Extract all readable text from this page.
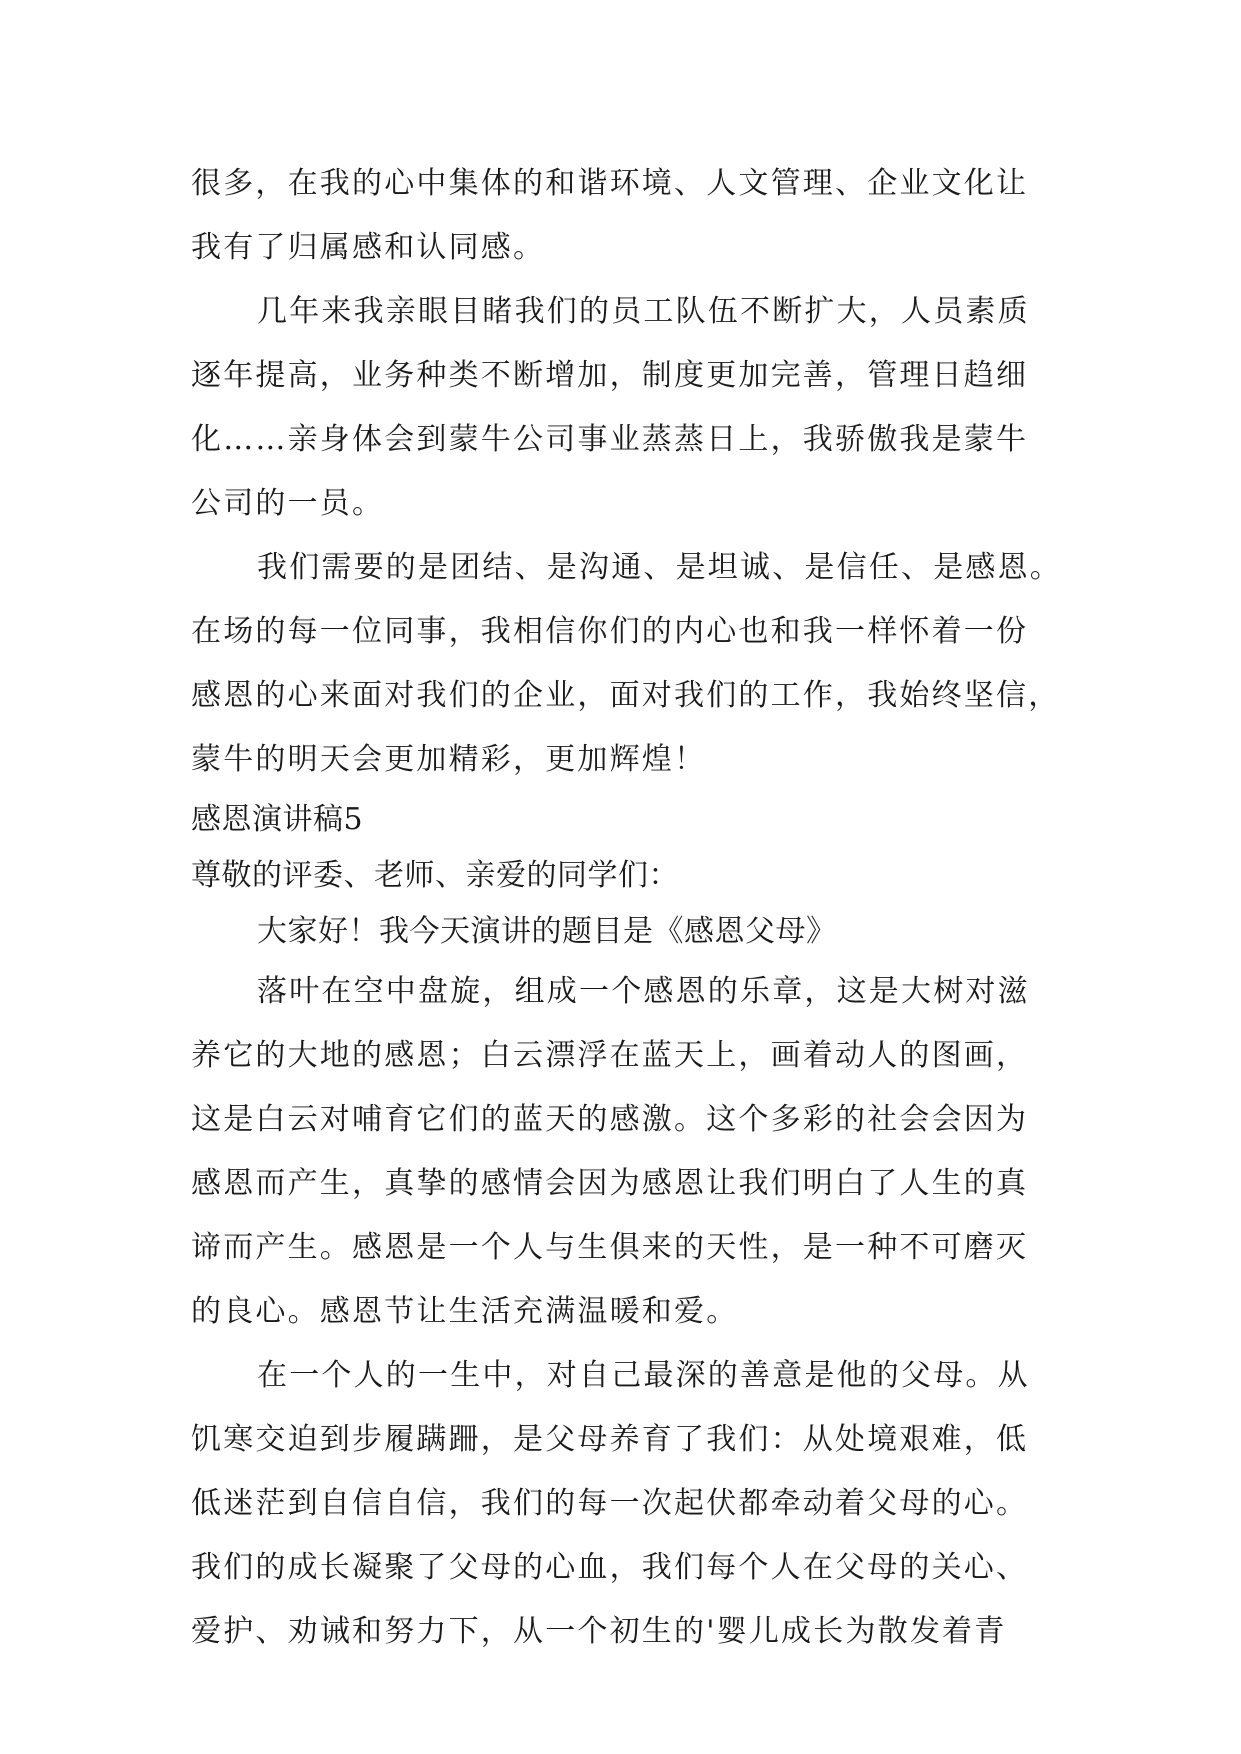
很多，在我的心中集体的和谐环境、人文管理、企业文化让
我有了归属感和认同感。
几年来我亲眼目睹我们的员工队伍不断扩大，人员素质
逐年提高，业务种类不断增加，制度更加完善，管理日趋细
化……亲身体会到蒙牛公司事业蒸蒸日上，我骄傲我是蒙牛
公司的一员。
我们需要的是团结、是沟通、是坦诚、是信任、是感恩。
在场的每一位同事，我相信你们的内心也和我一样怀着一份
感恩的心来面对我们的企业，面对我们的工作，我始终坚信，
蒙牛的明天会更加精彩，更加辉煌！
感恩演讲稿5
尊敬的评委、老师、亲爱的同学们：
大家好！我今天演讲的题目是《感恩父母》
落叶在空中盘旋，组成一个感恩的乐章，这是大树对滋
养它的大地的感恩；白云漂浮在蓝天上，画着动人的图画，
这是白云对哺育它们的蓝天的感激。这个多彩的社会会因为
感恩而产生，真挚的感情会因为感恩让我们明白了人生的真
谛而产生。感恩是一个人与生俱来的天性，是一种不可磨灭
的良心。感恩节让生活充满温暖和爱。
在一个人的一生中，对自己最深的善意是他的父母。从
饥寒交迫到步履蹒跚，是父母养育了我们：从处境艰难，低
低迷茫到自信自信，我们的每一次起伏都牵动着父母的心。
我们的成长凝聚了父母的心血，我们每个人在父母的关心、
爱护、劝诫和努力下，从一个初生的'婴儿成长为散发着青
